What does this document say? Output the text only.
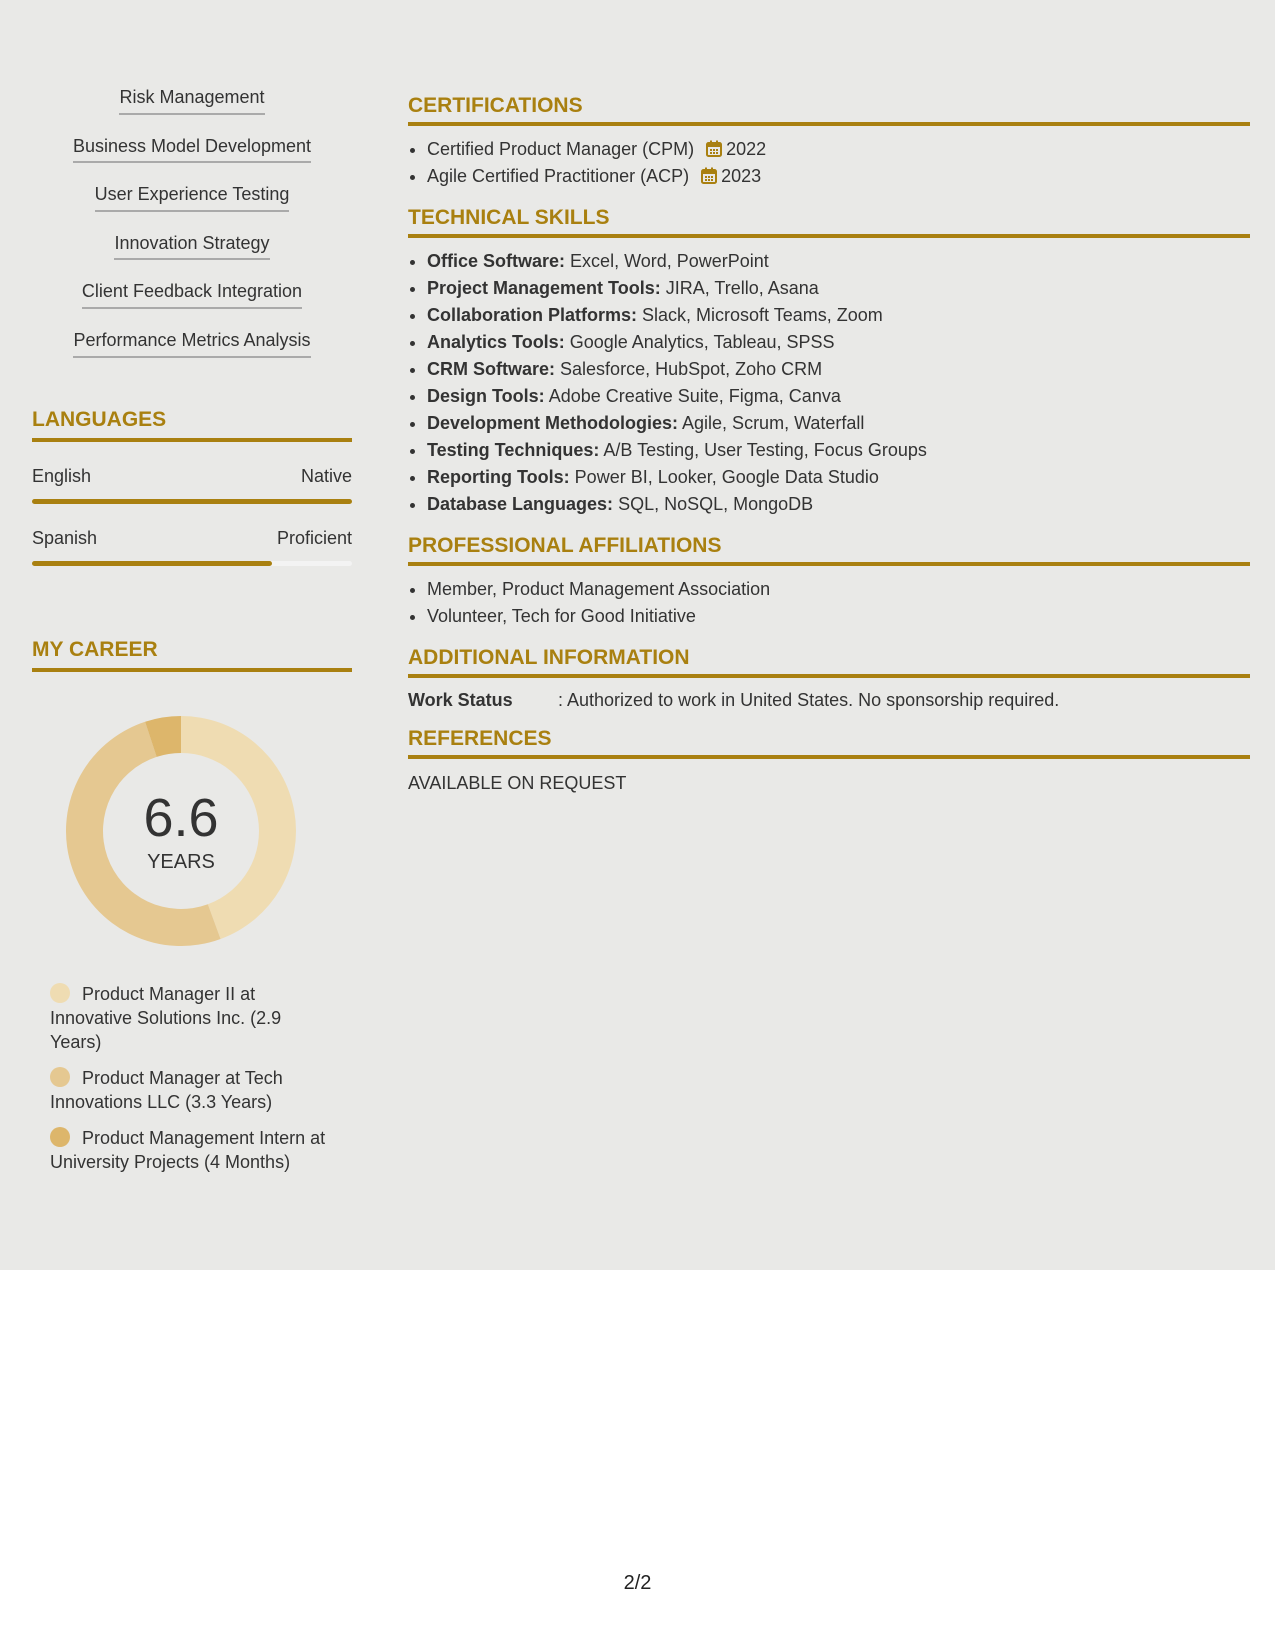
Risk Management
Business Model Development
User Experience Testing
Innovation Strategy
Client Feedback Integration
Performance Metrics Analysis
LANGUAGES
English	Native
Spanish	Proficient
MY CAREER
6.6
YEARS
Product Manager II at Innovative Solutions Inc. (2.9 Years)
Product Manager at Tech Innovations LLC (3.3 Years)
Product Management Intern at University Projects (4 Months)
CERTIFICATIONS
• Certified Product Manager (CPM) 2022
• Agile Certified Practitioner (ACP) 2023
TECHNICAL SKILLS
• Office Software: Excel, Word, PowerPoint
• Project Management Tools: JIRA, Trello, Asana
• Collaboration Platforms: Slack, Microsoft Teams, Zoom
• Analytics Tools: Google Analytics, Tableau, SPSS
• CRM Software: Salesforce, HubSpot, Zoho CRM
• Design Tools: Adobe Creative Suite, Figma, Canva
• Development Methodologies: Agile, Scrum, Waterfall
• Testing Techniques: A/B Testing, User Testing, Focus Groups
• Reporting Tools: Power BI, Looker, Google Data Studio
• Database Languages: SQL, NoSQL, MongoDB
PROFESSIONAL AFFILIATIONS
• Member, Product Management Association
• Volunteer, Tech for Good Initiative
ADDITIONAL INFORMATION
Work Status	: Authorized to work in United States. No sponsorship required.
REFERENCES
AVAILABLE ON REQUEST
2/2
